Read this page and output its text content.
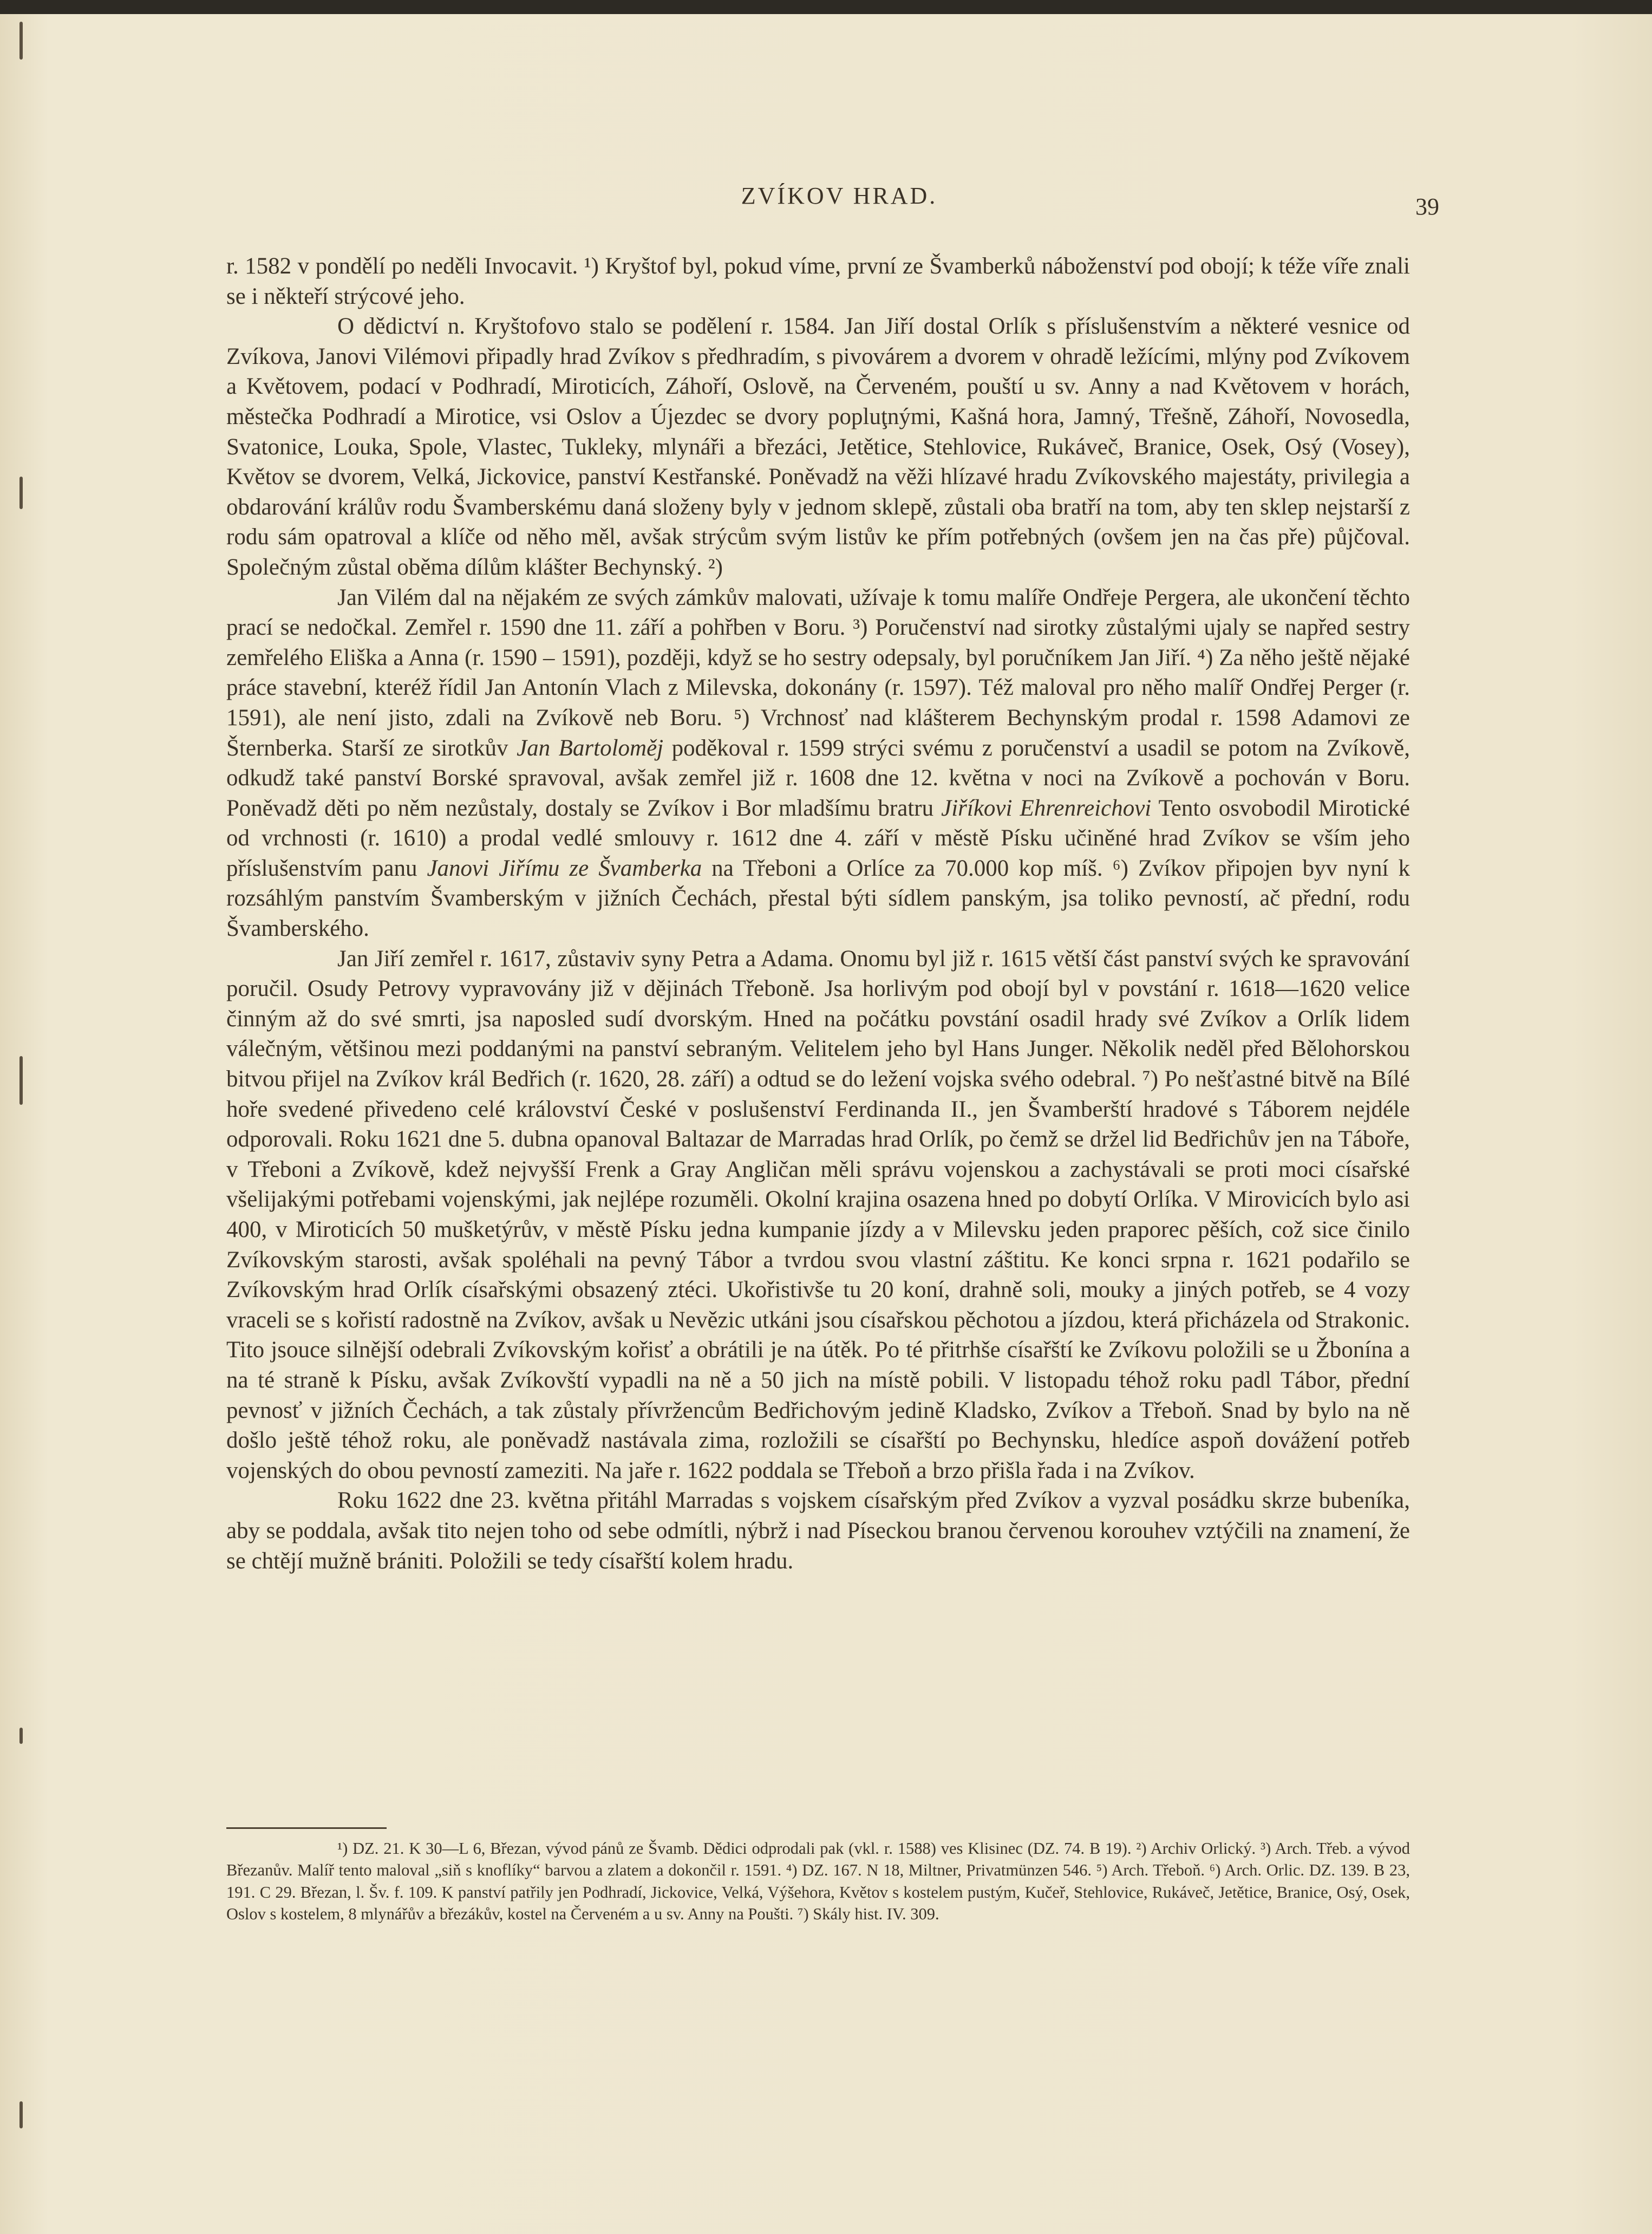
ZVÍKOV HRAD.	39

r. 1582 v pondělí po neděli Invocavit. ¹) Kryštof byl, pokud víme, první ze Švamberků náboženství pod obojí; k téže víře znali se i někteří strýcové jeho.

O dědictví n. Kryštofovo stalo se podělení r. 1584. Jan Jiří dostal Orlík s příslušenstvím a některé vesnice od Zvíkova, Janovi Vilémovi připadly hrad Zvíkov s předhradím, s pivovárem a dvorem v ohradě ležícími, mlýny pod Zvíkovem a Květovem, podací v Podhradí, Miroticích, Záhoří, Oslově, na Červeném, pouští u sv. Anny a nad Květovem v horách, městečka Podhradí a Mirotice, vsi Oslov a Újezdec se dvory popluţnými, Kašná hora, Jamný, Třešně, Záhoří, Novosedla, Svatonice, Louka, Spole, Vlastec, Tukleky, mlynáři a březáci, Jetětice, Stehlovice, Rukáveč, Branice, Osek, Osý (Vosey), Květov se dvorem, Velká, Jickovice, panství Kestřanské. Poněvadž na věži hlízavé hradu Zvíkovského majestáty, privilegia a obdarování králův rodu Švamberskému daná složeny byly v jednom sklepě, zůstali oba bratří na tom, aby ten sklep nejstarší z rodu sám opatroval a klíče od něho měl, avšak strýcům svým listův ke přím potřebných (ovšem jen na čas pře) půjčoval. Společným zůstal oběma dílům klášter Bechynský. ²)

Jan Vilém dal na nějakém ze svých zámkův malovati, užívaje k tomu malíře Ondřeje Pergera, ale ukončení těchto prací se nedočkal. Zemřel r. 1590 dne 11. září a pohřben v Boru. ³) Poručenství nad sirotky zůstalými ujaly se napřed sestry zemřelého Eliška a Anna (r. 1590 – 1591), později, když se ho sestry odepsaly, byl poručníkem Jan Jiří. ⁴) Za něho ještě nějaké práce stavební, kteréž řídil Jan Antonín Vlach z Milevska, dokonány (r. 1597). Též maloval pro něho malíř Ondřej Perger (r. 1591), ale není jisto, zdali na Zvíkově neb Boru. ⁵) Vrchnosť nad klášterem Bechynským prodal r. 1598 Adamovi ze Šternberka. Starší ze sirotkův Jan Bartoloměj poděkoval r. 1599 strýci svému z poručenství a usadil se potom na Zvíkově, odkudž také panství Borské spravoval, avšak zemřel již r. 1608 dne 12. května v noci na Zvíkově a pochován v Boru. Poněvadž děti po něm nezůstaly, dostaly se Zvíkov i Bor mladšímu bratru Jiříkovi Ehrenreichovi Tento osvobodil Mirotické od vrchnosti (r. 1610) a prodal vedlé smlouvy r. 1612 dne 4. září v městě Písku učiněné hrad Zvíkov se vším jeho příslušenstvím panu Janovi Jiřímu ze Švamberka na Třeboni a Orlíce za 70.000 kop míš. ⁶) Zvíkov připojen byv nyní k rozsáhlým panstvím Švamberským v jižních Čechách, přestal býti sídlem panským, jsa toliko pevností, ač přední, rodu Švamberského.

Jan Jiří zemřel r. 1617, zůstaviv syny Petra a Adama. Onomu byl již r. 1615 větší část panství svých ke spravování poručil. Osudy Petrovy vypravovány již v dějinách Třeboně. Jsa horlivým pod obojí byl v povstání r. 1618—1620 velice činným až do své smrti, jsa naposled sudí dvorským. Hned na počátku povstání osadil hrady své Zvíkov a Orlík lidem válečným, většinou mezi poddanými na panství sebraným. Velitelem jeho byl Hans Junger. Několik neděl před Bělohorskou bitvou přijel na Zvíkov král Bedřich (r. 1620, 28. září) a odtud se do ležení vojska svého odebral. ⁷) Po nešťastné bitvě na Bílé hoře svedené přivedeno celé království České v poslušenství Ferdinanda II., jen Švamberští hradové s Táborem nejdéle odporovali. Roku 1621 dne 5. dubna opanoval Baltazar de Marradas hrad Orlík, po čemž se držel lid Bedřichův jen na Táboře, v Třeboni a Zvíkově, kdež nejvyšší Frenk a Gray Angličan měli správu vojenskou a zachystávali se proti moci císařské všelijakými potřebami vojenskými, jak nejlépe rozuměli. Okolní krajina osazena hned po dobytí Orlíka. V Mirovicích bylo asi 400, v Miroticích 50 mušketýrův, v městě Písku jedna kumpanie jízdy a v Milevsku jeden praporec pěších, což sice činilo Zvíkovským starosti, avšak spoléhali na pevný Tábor a tvrdou svou vlastní záštitu. Ke konci srpna r. 1621 podařilo se Zvíkovským hrad Orlík císařskými obsazený ztéci. Ukořistivše tu 20 koní, drahně soli, mouky a jiných potřeb, se 4 vozy vraceli se s kořistí radostně na Zvíkov, avšak u Nevězic utkáni jsou císařskou pěchotou a jízdou, která přicházela od Strakonic. Tito jsouce silnější odebrali Zvíkovským kořisť a obrátili je na útěk. Po té přitrhše císařští ke Zvíkovu položili se u Žbonína a na té straně k Písku, avšak Zvíkovští vypadli na ně a 50 jich na místě pobili. V listopadu téhož roku padl Tábor, přední pevnosť v jižních Čechách, a tak zůstaly přívržencům Bedřichovým jedině Kladsko, Zvíkov a Třeboň. Snad by bylo na ně došlo ještě téhož roku, ale poněvadž nastávala zima, rozložili se císařští po Bechynsku, hledíce aspoň dovážení potřeb vojenských do obou pevností zameziti. Na jaře r. 1622 poddala se Třeboň a brzo přišla řada i na Zvíkov.

Roku 1622 dne 23. května přitáhl Marradas s vojskem císařským před Zvíkov a vyzval posádku skrze bubeníka, aby se poddala, avšak tito nejen toho od sebe odmítli, nýbrž i nad Píseckou branou červenou korouhev vztýčili na znamení, že se chtějí mužně brániti. Položili se tedy císařští kolem hradu.

¹) DZ. 21. K 30—L 6, Březan, vývod pánů ze Švamb. Dědici odprodali pak (vkl. r. 1588) ves Klisinec (DZ. 74. B 19). ²) Archiv Orlický. ³) Arch. Třeb. a vývod Březanův. Malíř tento maloval „siň s knoflíky“ barvou a zlatem a dokončil r. 1591. ⁴) DZ. 167. N 18, Miltner, Privatmünzen 546. ⁵) Arch. Třeboň. ⁶) Arch. Orlic. DZ. 139. B 23, 191. C 29. Březan, l. Šv. f. 109. K panství patřily jen Podhradí, Jickovice, Velká, Výšehora, Květov s kostelem pustým, Kučeř, Stehlovice, Rukáveč, Jetětice, Branice, Osý, Osek, Oslov s kostelem, 8 mlynářův a březákův, kostel na Červeném a u sv. Anny na Poušti. ⁷) Skály hist. IV. 309.
